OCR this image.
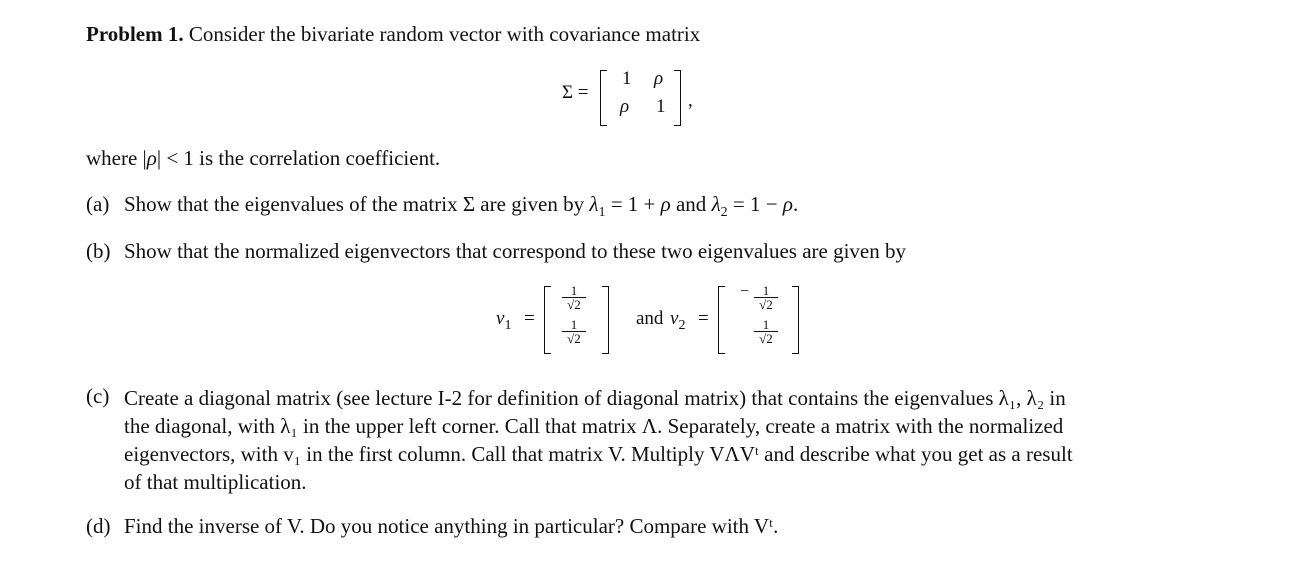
Problem 1. Consider the bivariate random vector with covariance matrix
Σ =
1 ρ
ρ 1 ,
where |ρ| < 1 is the correlation coefficient.
(a) Show that the eigenvalues of the matrix Σ are given by $\lambda_1 = 1 + \rho$ and $\lambda_2 = 1 - \rho$.
(b) Show that the normalized eigenvectors that correspond to these two eigenvalues are given by
$v_1$ =
$\frac{1}{√2}$
$\frac{1}{√2}$	and $v_2$ =
− $\frac{1}{√2}$
$\frac{1}{√2}$
(c) Create a diagonal matrix (see lecture I-2 for definition of diagonal matrix) that contains the eigenvalues λ₁, λ₂ in
the diagonal, with λ₁ in the upper left corner. Call that matrix Λ. Separately, create a matrix with the normalized
eigenvectors, with v₁ in the first column. Call that matrix V. Multiply VΛVᵗ and describe what you get as a result
of that multiplication.
(d) Find the inverse of V. Do you notice anything in particular? Compare with Vᵗ.
